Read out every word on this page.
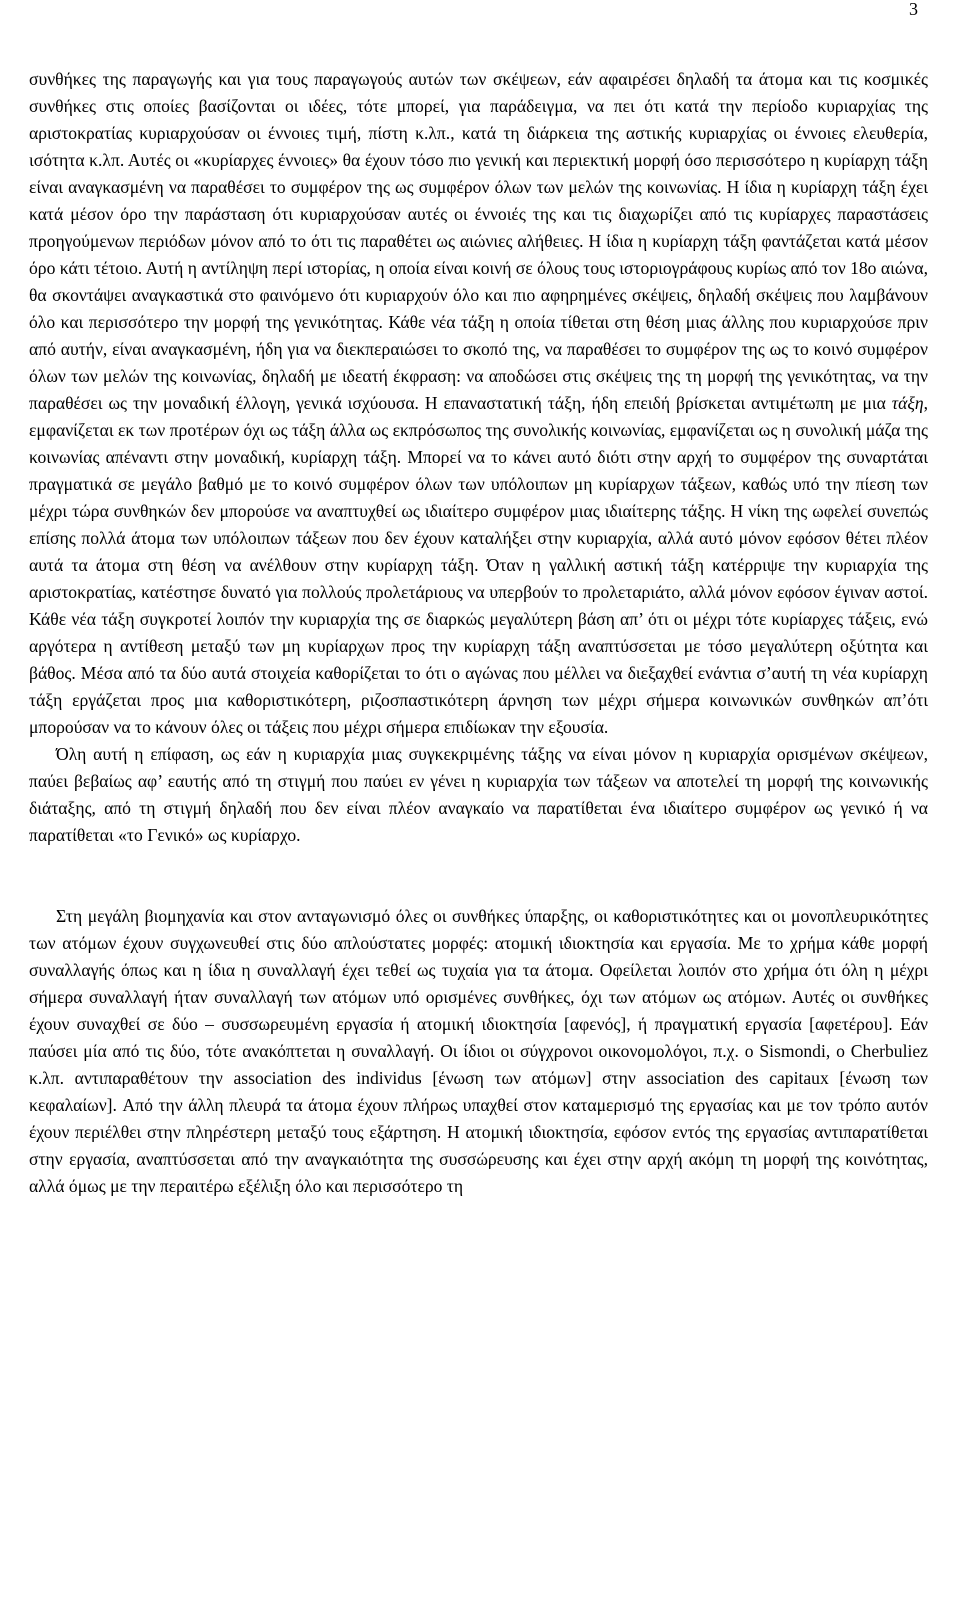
3

συνθήκες της παραγωγής και για τους παραγωγούς αυτών των σκέψεων, εάν αφαιρέσει δηλαδή τα άτομα και τις κοσμικές συνθήκες στις οποίες βασίζονται οι ιδέες, τότε μπορεί, για παράδειγμα, να πει ότι κατά την περίοδο κυριαρχίας της αριστοκρατίας κυριαρχούσαν οι έννοιες τιμή, πίστη κ.λπ., κατά τη διάρκεια της αστικής κυριαρχίας οι έννοιες ελευθερία, ισότητα κ.λπ. Αυτές οι «κυρίαρχες έννοιες» θα έχουν τόσο πιο γενική και περιεκτική μορφή όσο περισσότερο η κυρίαρχη τάξη είναι αναγκασμένη να παραθέσει το συμφέρον της ως συμφέρον όλων των μελών της κοινωνίας. Η ίδια η κυρίαρχη τάξη έχει κατά μέσον όρο την παράσταση ότι κυριαρχούσαν αυτές οι έννοιές της και τις διαχωρίζει από τις κυρίαρχες παραστάσεις προηγούμενων περιόδων μόνον από το ότι τις παραθέτει ως αιώνιες αλήθειες. Η ίδια η κυρίαρχη τάξη φαντάζεται κατά μέσον όρο κάτι τέτοιο. Αυτή η αντίληψη περί ιστορίας, η οποία είναι κοινή σε όλους τους ιστοριογράφους κυρίως από τον 18ο αιώνα, θα σκοντάψει αναγκαστικά στο φαινόμενο ότι κυριαρχούν όλο και πιο αφηρημένες σκέψεις, δηλαδή σκέψεις που λαμβάνουν όλο και περισσότερο την μορφή της γενικότητας. Κάθε νέα τάξη η οποία τίθεται στη θέση μιας άλλης που κυριαρχούσε πριν από αυτήν, είναι αναγκασμένη, ήδη για να διεκπεραιώσει το σκοπό της, να παραθέσει το συμφέρον της ως το κοινό συμφέρον όλων των μελών της κοινωνίας, δηλαδή με ιδεατή έκφραση: να αποδώσει στις σκέψεις της τη μορφή της γενικότητας, να την παραθέσει ως την μοναδική έλλογη, γενικά ισχύουσα. Η επαναστατική τάξη, ήδη επειδή βρίσκεται αντιμέτωπη με μια τάξη, εμφανίζεται εκ των προτέρων όχι ως τάξη άλλα ως εκπρόσωπος της συνολικής κοινωνίας, εμφανίζεται ως η συνολική μάζα της κοινωνίας απέναντι στην μοναδική, κυρίαρχη τάξη. Μπορεί να το κάνει αυτό διότι στην αρχή το συμφέρον της συναρτάται πραγματικά σε μεγάλο βαθμό με το κοινό συμφέρον όλων των υπόλοιπων μη κυρίαρχων τάξεων, καθώς υπό την πίεση των μέχρι τώρα συνθηκών δεν μπορούσε να αναπτυχθεί ως ιδιαίτερο συμφέρον μιας ιδιαίτερης τάξης. Η νίκη της ωφελεί συνεπώς επίσης πολλά άτομα των υπόλοιπων τάξεων που δεν έχουν καταλήξει στην κυριαρχία, αλλά αυτό μόνον εφόσον θέτει πλέον αυτά τα άτομα στη θέση να ανέλθουν στην κυρίαρχη τάξη. Όταν η γαλλική αστική τάξη κατέρριψε την κυριαρχία της αριστοκρατίας, κατέστησε δυνατό για πολλούς προλετάριους να υπερβούν το προλεταριάτο, αλλά μόνον εφόσον έγιναν αστοί. Κάθε νέα τάξη συγκροτεί λοιπόν την κυριαρχία της σε διαρκώς μεγαλύτερη βάση απ’ ότι οι μέχρι τότε κυρίαρχες τάξεις, ενώ αργότερα η αντίθεση μεταξύ των μη κυρίαρχων προς την κυρίαρχη τάξη αναπτύσσεται με τόσο μεγαλύτερη οξύτητα και βάθος. Μέσα από τα δύο αυτά στοιχεία καθορίζεται το ότι ο αγώνας που μέλλει να διεξαχθεί ενάντια σ’αυτή τη νέα κυρίαρχη τάξη εργάζεται προς μια καθοριστικότερη, ριζοσπαστικότερη άρνηση των μέχρι σήμερα κοινωνικών συνθηκών απ’ότι μπορούσαν να το κάνουν όλες οι τάξεις που μέχρι σήμερα επιδίωκαν την εξουσία.

Όλη αυτή η επίφαση, ως εάν η κυριαρχία μιας συγκεκριμένης τάξης να είναι μόνον η κυριαρχία ορισμένων σκέψεων, παύει βεβαίως αφ’ εαυτής από τη στιγμή που παύει εν γένει η κυριαρχία των τάξεων να αποτελεί τη μορφή της κοινωνικής διάταξης, από τη στιγμή δηλαδή που δεν είναι πλέον αναγκαίο να παρατίθεται ένα ιδιαίτερο συμφέρον ως γενικό ή να παρατίθεται «το Γενικό» ως κυρίαρχο.

Στη μεγάλη βιομηχανία και στον ανταγωνισμό όλες οι συνθήκες ύπαρξης, οι καθοριστικότητες και οι μονοπλευρικότητες των ατόμων έχουν συγχωνευθεί στις δύο απλούστατες μορφές: ατομική ιδιοκτησία και εργασία. Με το χρήμα κάθε μορφή συναλλαγής όπως και η ίδια η συναλλαγή έχει τεθεί ως τυχαία για τα άτομα. Οφείλεται λοιπόν στο χρήμα ότι όλη η μέχρι σήμερα συναλλαγή ήταν συναλλαγή των ατόμων υπό ορισμένες συνθήκες, όχι των ατόμων ως ατόμων. Αυτές οι συνθήκες έχουν συναχθεί σε δύο – συσσωρευμένη εργασία ή ατομική ιδιοκτησία [αφενός], ή πραγματική εργασία [αφετέρου]. Εάν παύσει μία από τις δύο, τότε ανακόπτεται η συναλλαγή. Οι ίδιοι οι σύγχρονοι οικονομολόγοι, π.χ. ο Sismondi, ο Cherbuliez κ.λπ. αντιπαραθέτουν την association des individus [ένωση των ατόμων] στην association des capitaux [ένωση των κεφαλαίων]. Από την άλλη πλευρά τα άτομα έχουν πλήρως υπαχθεί στον καταμερισμό της εργασίας και με τον τρόπο αυτόν έχουν περιέλθει στην πληρέστερη μεταξύ τους εξάρτηση. Η ατομική ιδιοκτησία, εφόσον εντός της εργασίας αντιπαρατίθεται στην εργασία, αναπτύσσεται από την αναγκαιότητα της συσσώρευσης και έχει στην αρχή ακόμη τη μορφή της κοινότητας, αλλά όμως με την περαιτέρω εξέλιξη όλο και περισσότερο τη
